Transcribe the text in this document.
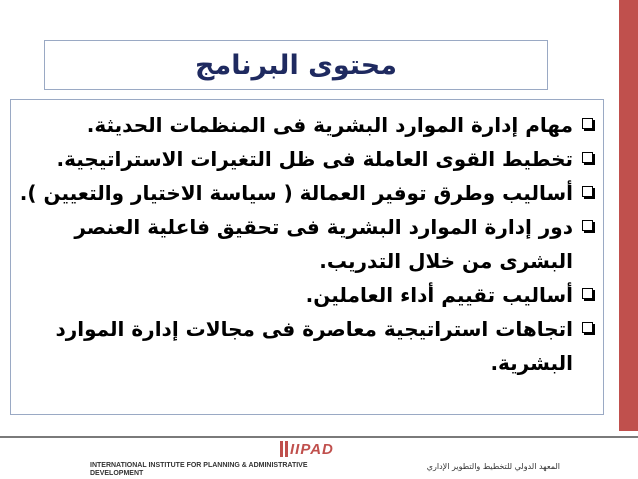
محتوى البرنامج
مهام إدارة الموارد البشرية فى المنظمات الحديثة.
تخطيط القوى العاملة فى ظل التغيرات الاستراتيجية.
أساليب وطرق توفير العمالة ( سياسة الاختيار والتعيين ).
دور إدارة الموارد البشرية فى تحقيق فاعلية العنصر البشرى من خلال التدريب.
أساليب تقييم أداء العاملين.
اتجاهات استراتيجية معاصرة فى مجالات إدارة الموارد البشرية.
IIPAD
INTERNATIONAL INSTITUTE FOR PLANNING & ADMINISTRATIVE DEVELOPMENT
المعهد الدولي للتخطيط والتطوير الإداري
